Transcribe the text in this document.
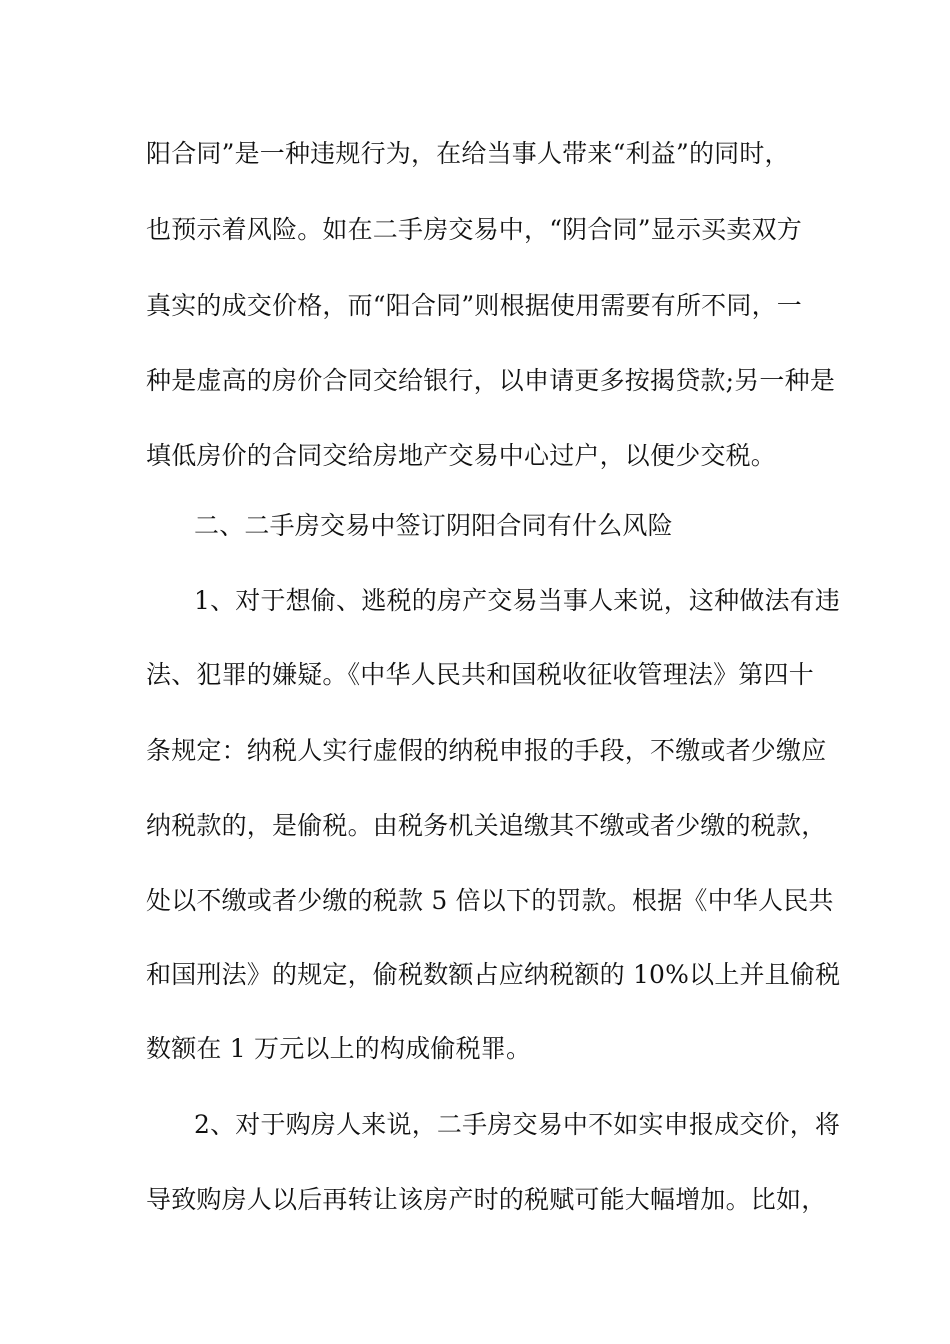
阳合同”是一种违规行为，在给当事人带来“利益”的同时，
也预示着风险。如在二手房交易中，“阴合同”显示买卖双方
真实的成交价格，而“阳合同”则根据使用需要有所不同，一
种是虚高的房价合同交给银行，以申请更多按揭贷款;另一种是
填低房价的合同交给房地产交易中心过户，以便少交税。
二、二手房交易中签订阴阳合同有什么风险
1、对于想偷、逃税的房产交易当事人来说，这种做法有违
法、犯罪的嫌疑。《中华人民共和国税收征收管理法》第四十
条规定：纳税人实行虚假的纳税申报的手段，不缴或者少缴应
纳税款的，是偷税。由税务机关追缴其不缴或者少缴的税款，
处以不缴或者少缴的税款 5 倍以下的罚款。根据《中华人民共
和国刑法》的规定，偷税数额占应纳税额的 10%以上并且偷税
数额在 1 万元以上的构成偷税罪。
2、对于购房人来说，二手房交易中不如实申报成交价，将
导致购房人以后再转让该房产时的税赋可能大幅增加。比如，
